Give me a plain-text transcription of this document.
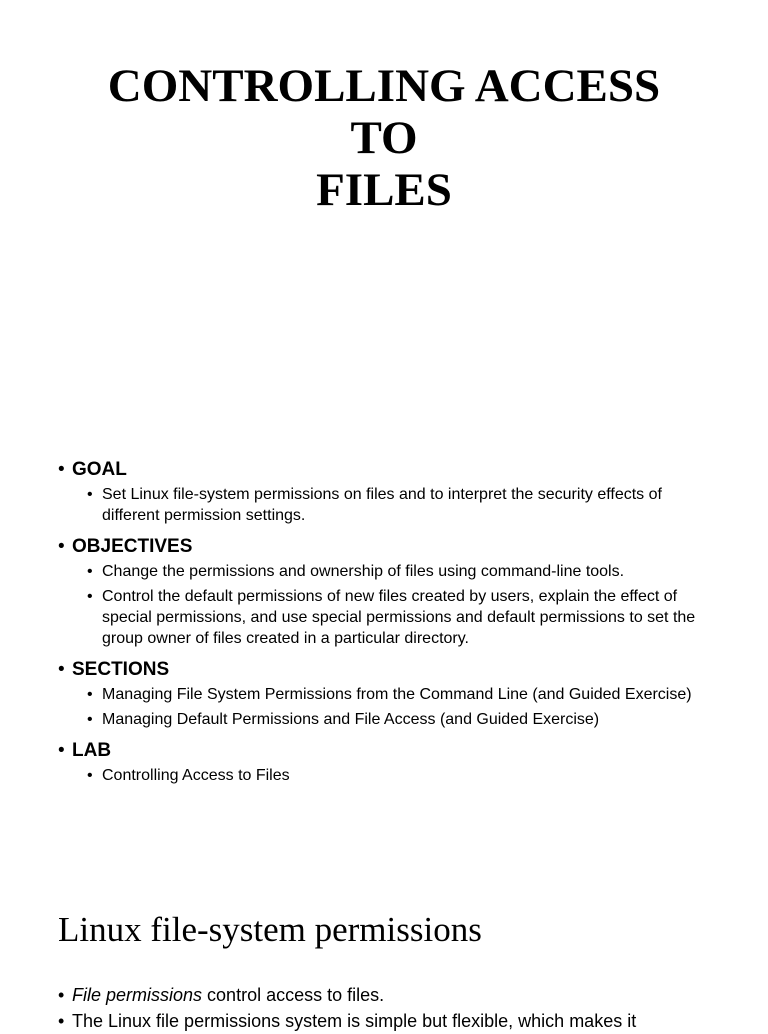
CONTROLLING ACCESS
TO
FILES
• GOAL
• Set Linux file-system permissions on files and to interpret the security effects of different permission settings.
• OBJECTIVES
• Change the permissions and ownership of files using command-line tools.
• Control the default permissions of new files created by users, explain the effect of special permissions, and use special permissions and default permissions to set the group owner of files created in a particular directory.
• SECTIONS
• Managing File System Permissions from the Command Line (and Guided Exercise)
• Managing Default Permissions and File Access (and Guided Exercise)
• LAB
• Controlling Access to Files
Linux file-system permissions
• File permissions control access to files.
• The Linux file permissions system is simple but flexible, which makes it
